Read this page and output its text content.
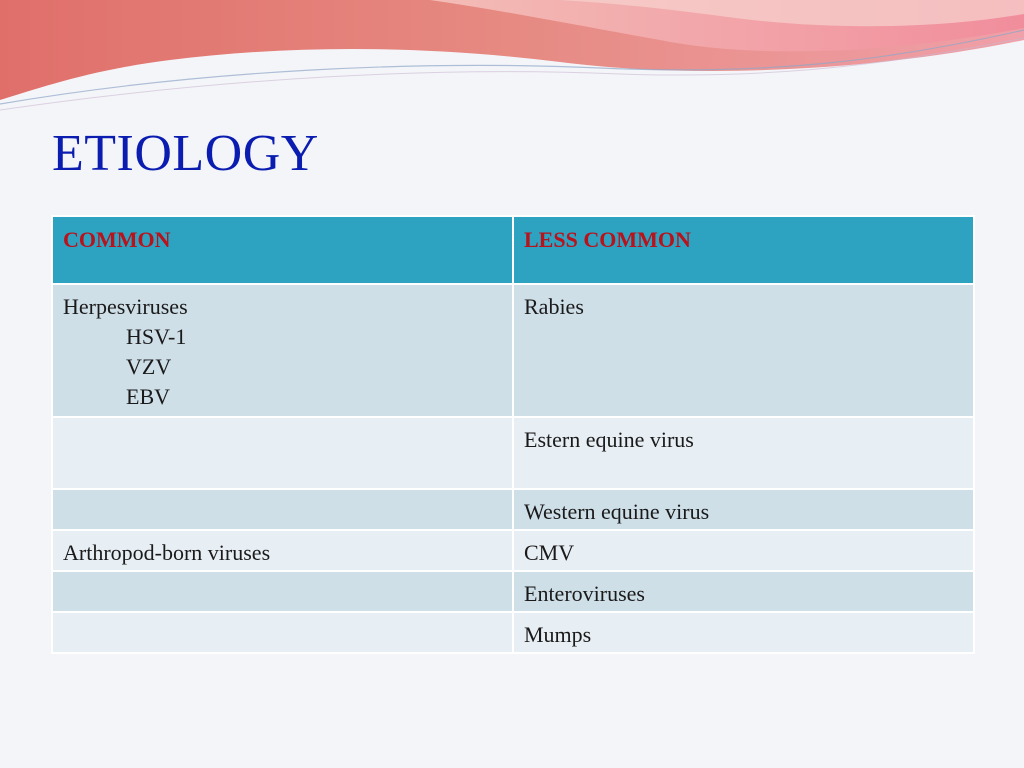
ETIOLOGY
COMMON	LESS COMMON

Herpesviruses
HSV-1
VZV
EBV	Rabies

	Estern equine virus

	Western equine virus

Arthropod-born viruses	CMV

	Enteroviruses

	Mumps
